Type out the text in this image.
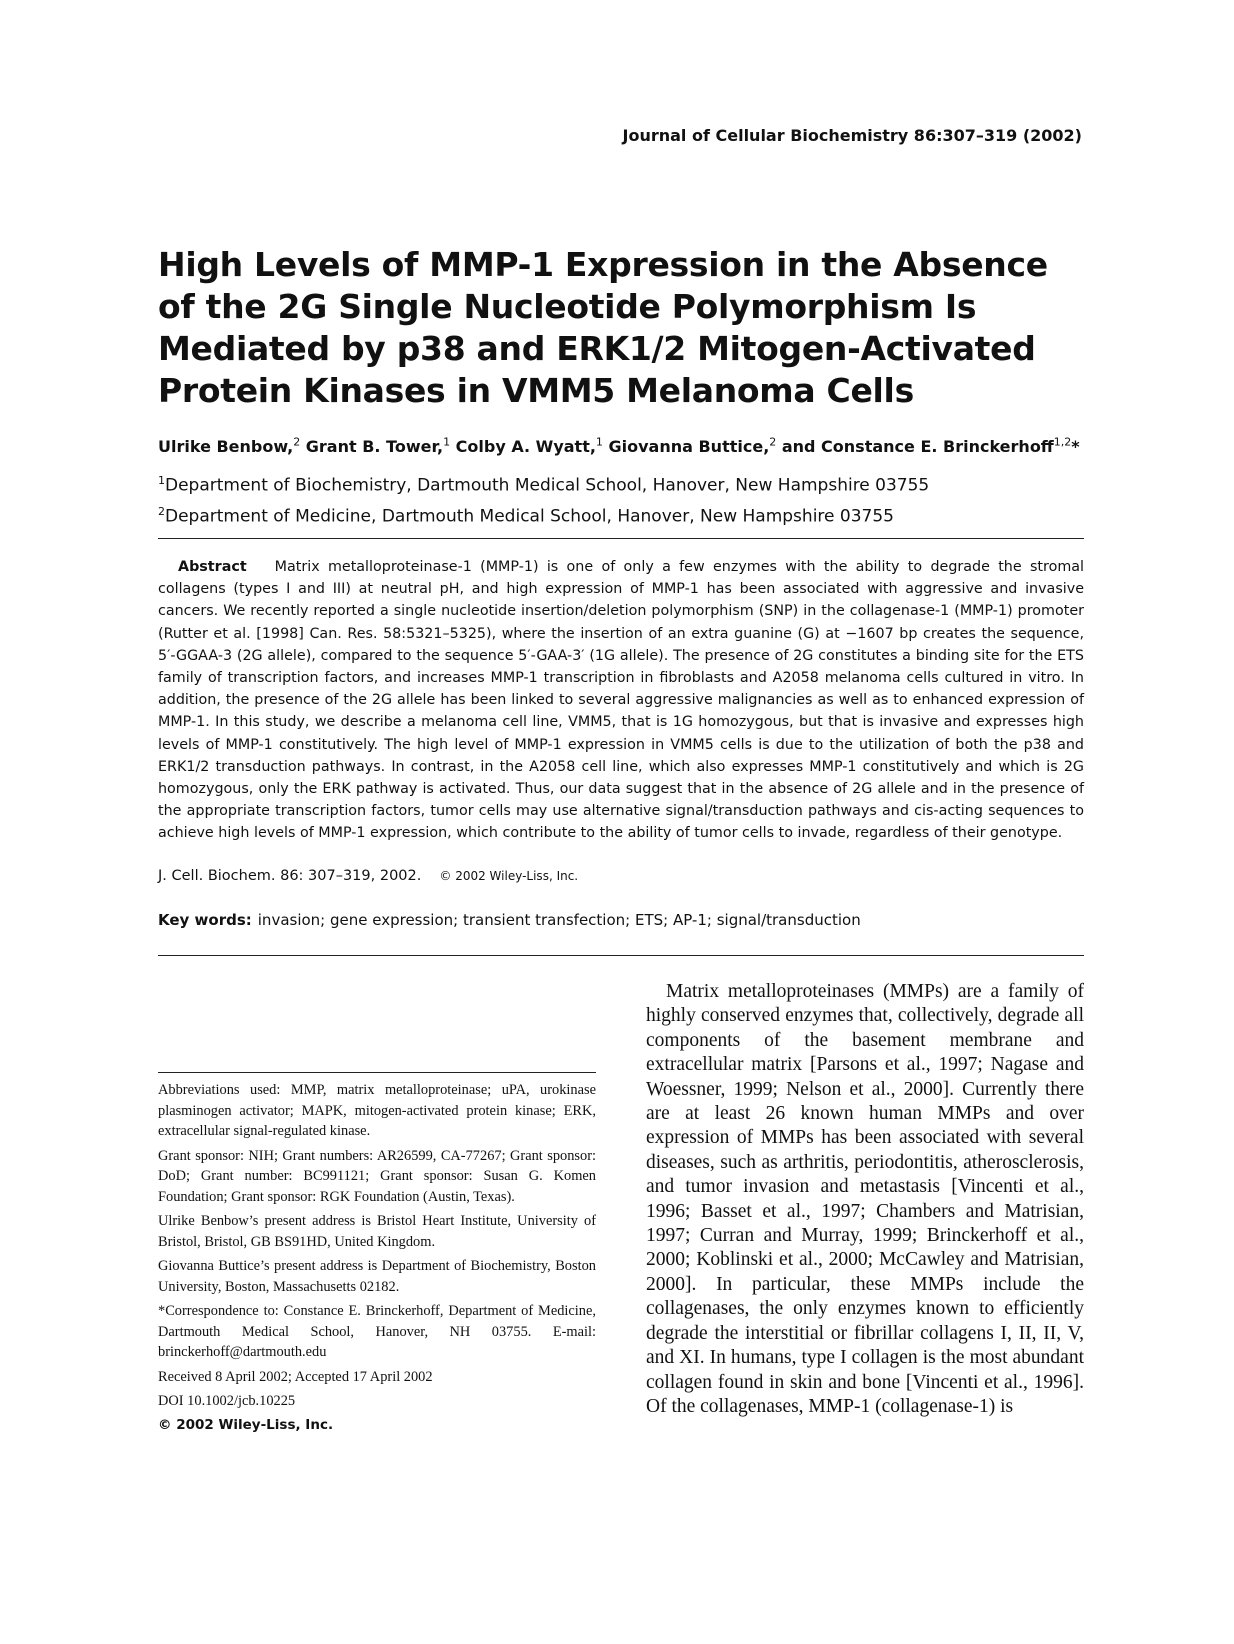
Journal of Cellular Biochemistry 86:307–319 (2002)
High Levels of MMP-1 Expression in the Absence of the 2G Single Nucleotide Polymorphism Is Mediated by p38 and ERK1/2 Mitogen-Activated Protein Kinases in VMM5 Melanoma Cells
Ulrike Benbow,$^2$ Grant B. Tower,$^1$ Colby A. Wyatt,$^1$ Giovanna Buttice,$^2$ and Constance E. Brinckerhoff$^{1,2}$*
$^1$Department of Biochemistry, Dartmouth Medical School, Hanover, New Hampshire 03755
$^2$Department of Medicine, Dartmouth Medical School, Hanover, New Hampshire 03755

Abstract Matrix metalloproteinase-1 (MMP-1) is one of only a few enzymes with the ability to degrade the stromal collagens (types I and III) at neutral pH, and high expression of MMP-1 has been associated with aggressive and invasive cancers. We recently reported a single nucleotide insertion/deletion polymorphism (SNP) in the collagenase-1 (MMP-1) promoter (Rutter et al. [1998] Can. Res. 58:5321–5325), where the insertion of an extra guanine (G) at −1607 bp creates the sequence, 5′-GGAA-3 (2G allele), compared to the sequence 5′-GAA-3′ (1G allele). The presence of 2G constitutes a binding site for the ETS family of transcription factors, and increases MMP-1 transcription in fibroblasts and A2058 melanoma cells cultured in vitro. In addition, the presence of the 2G allele has been linked to several aggressive malignancies as well as to enhanced expression of MMP-1. In this study, we describe a melanoma cell line, VMM5, that is 1G homozygous, but that is invasive and expresses high levels of MMP-1 constitutively. The high level of MMP-1 expression in VMM5 cells is due to the utilization of both the p38 and ERK1/2 transduction pathways. In contrast, in the A2058 cell line, which also expresses MMP-1 constitutively and which is 2G homozygous, only the ERK pathway is activated. Thus, our data suggest that in the absence of 2G allele and in the presence of the appropriate transcription factors, tumor cells may use alternative signal/transduction pathways and cis-acting sequences to achieve high levels of MMP-1 expression, which contribute to the ability of tumor cells to invade, regardless of their genotype.

J. Cell. Biochem. 86: 307–319, 2002. © 2002 Wiley-Liss, Inc.
Key words: invasion; gene expression; transient transfection; ETS; AP-1; signal/transduction

Abbreviations used: MMP, matrix metalloproteinase; uPA, urokinase plasminogen activator; MAPK, mitogen-activated protein kinase; ERK, extracellular signal-regulated kinase.

Grant sponsor: NIH; Grant numbers: AR26599, CA-77267; Grant sponsor: DoD; Grant number: BC991121; Grant sponsor: Susan G. Komen Foundation; Grant sponsor: RGK Foundation (Austin, Texas).

Ulrike Benbow’s present address is Bristol Heart Institute, University of Bristol, Bristol, GB BS91HD, United Kingdom.

Giovanna Buttice’s present address is Department of Biochemistry, Boston University, Boston, Massachusetts 02182.

*Correspondence to: Constance E. Brinckerhoff, Department of Medicine, Dartmouth Medical School, Hanover, NH 03755. E-mail: brinckerhoff@dartmouth.edu

Received 8 April 2002; Accepted 17 April 2002

DOI 10.1002/jcb.10225

© 2002 Wiley-Liss, Inc.

Matrix metalloproteinases (MMPs) are a family of highly conserved enzymes that, collectively, degrade all components of the basement membrane and extracellular matrix [Parsons et al., 1997; Nagase and Woessner, 1999; Nelson et al., 2000]. Currently there are at least 26 known human MMPs and over expression of MMPs has been associated with several diseases, such as arthritis, periodontitis, atherosclerosis, and tumor invasion and metastasis [Vincenti et al., 1996; Basset et al., 1997; Chambers and Matrisian, 1997; Curran and Murray, 1999; Brinckerhoff et al., 2000; Koblinski et al., 2000; McCawley and Matrisian, 2000]. In particular, these MMPs include the collagenases, the only enzymes known to efficiently degrade the interstitial or fibrillar collagens I, II, II, V, and XI. In humans, type I collagen is the most abundant collagen found in skin and bone [Vincenti et al., 1996]. Of the collagenases, MMP-1 (collagenase-1) is
